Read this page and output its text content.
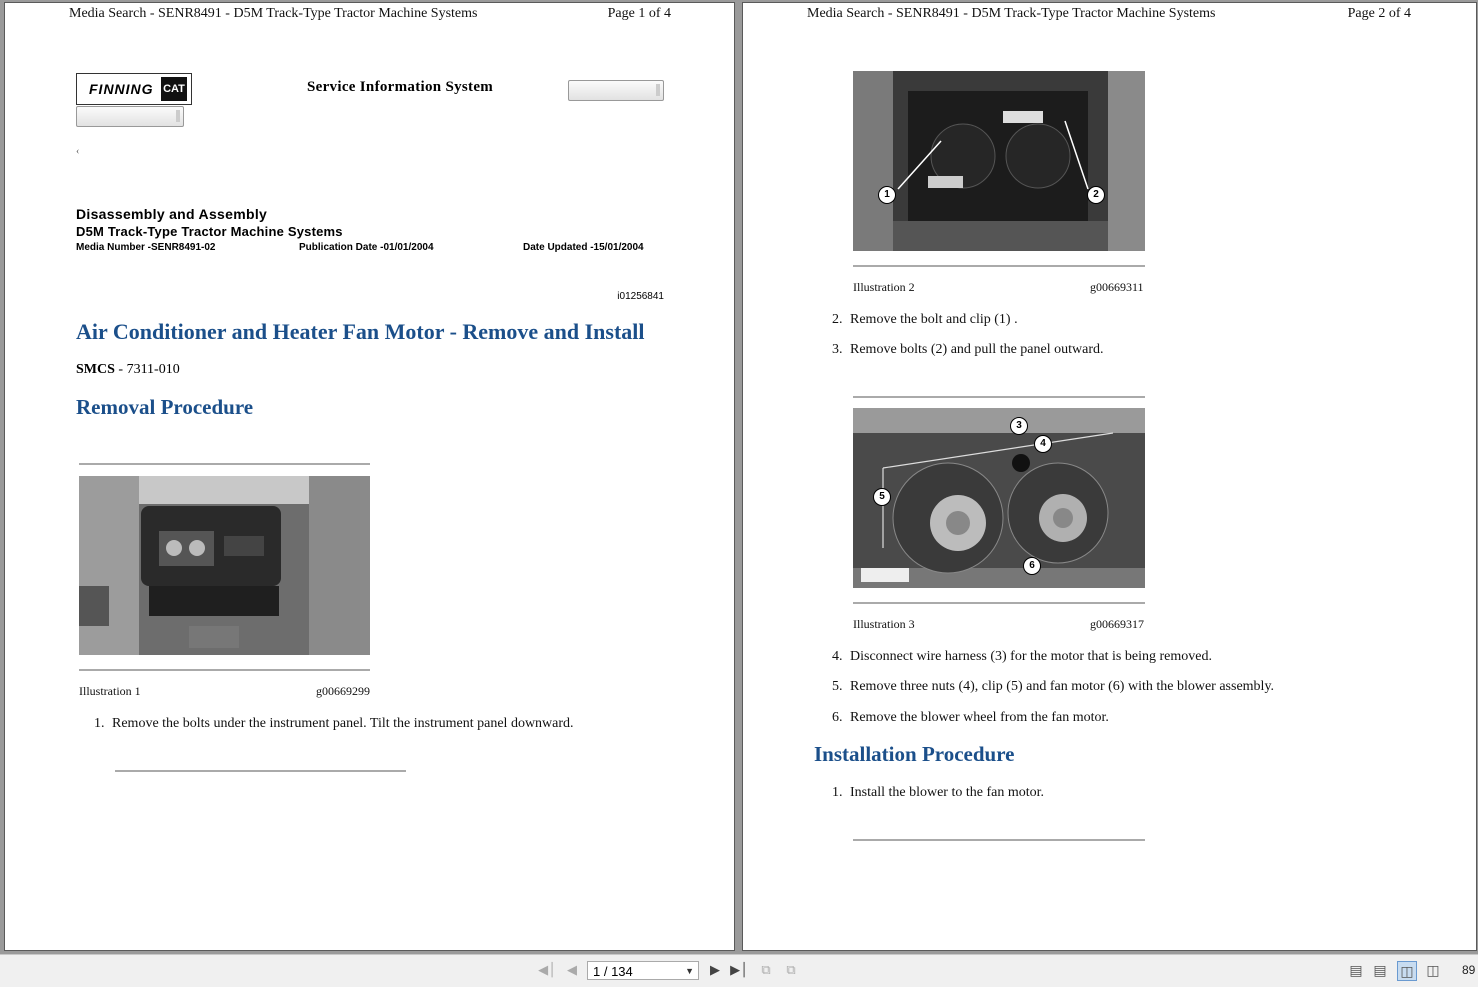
Media Search - SENR8491 - D5M Track-Type Tractor Machine Systems	Page 1 of 4
FINNING CAT	Service Information System
‹
Disassembly and Assembly
D5M Track-Type Tractor Machine Systems
Media Number -SENR8491-02	Publication Date -01/01/2004	Date Updated -15/01/2004
i01256841
Air Conditioner and Heater Fan Motor - Remove and Install
SMCS - 7311-010
Removal Procedure
Illustration 1	g00669299
1. Remove the bolts under the instrument panel. Tilt the instrument panel downward.
Media Search - SENR8491 - D5M Track-Type Tractor Machine Systems	Page 2 of 4
1	2
Illustration 2	g00669311
2. Remove the bolt and clip (1) .
3. Remove bolts (2) and pull the panel outward.
3
4
5
6
Illustration 3	g00669317
4. Disconnect wire harness (3) for the motor that is being removed.
5. Remove three nuts (4), clip (5) and fan motor (6) with the blower assembly.
6. Remove the blower wheel from the fan motor.
Installation Procedure
1. Install the blower to the fan motor.
◀│ ◀	1 / 134	▼	▶ ▶│	⧉	⧉	▤ ▤ ◫ ◫ 89
